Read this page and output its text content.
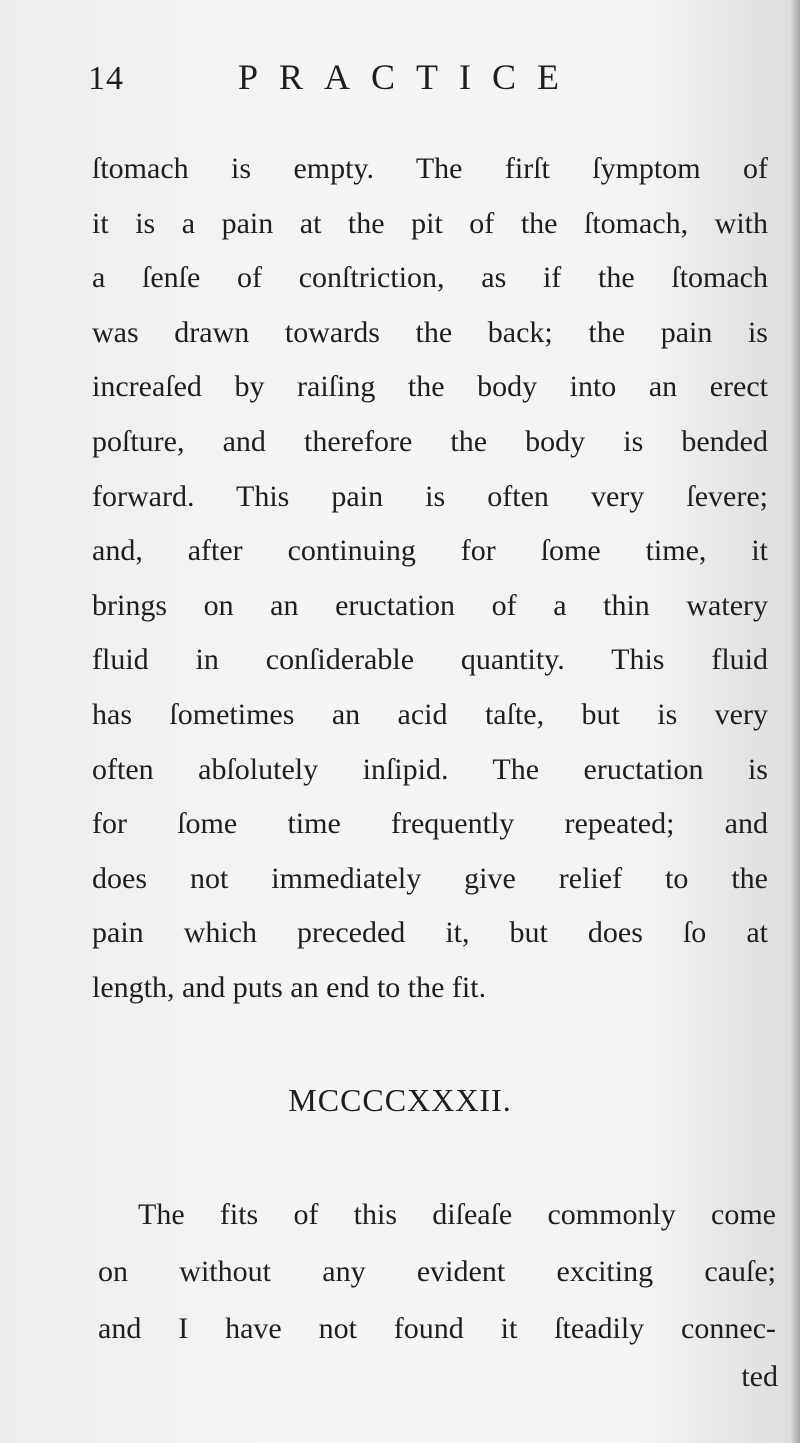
14	PRACTICE
ſtomach is empty. The firſt ſymptom of
it is a pain at the pit of the ſtomach, with
a ſenſe of conſtriction, as if the ſtomach
was drawn towards the back; the pain is
increaſed by raiſing the body into an erect
poſture, and therefore the body is bended
forward. This pain is often very ſevere;
and, after continuing for ſome time, it
brings on an eructation of a thin watery
fluid in conſiderable quantity. This fluid
has ſometimes an acid taſte, but is very
often abſolutely inſipid. The eructation is
for ſome time frequently repeated; and
does not immediately give relief to the
pain which preceded it, but does ſo at
length, and puts an end to the fit.
MCCCCXXXII.
The fits of this diſeaſe commonly come
on without any evident exciting cauſe;
and I have not found it ſteadily connec-
ted
